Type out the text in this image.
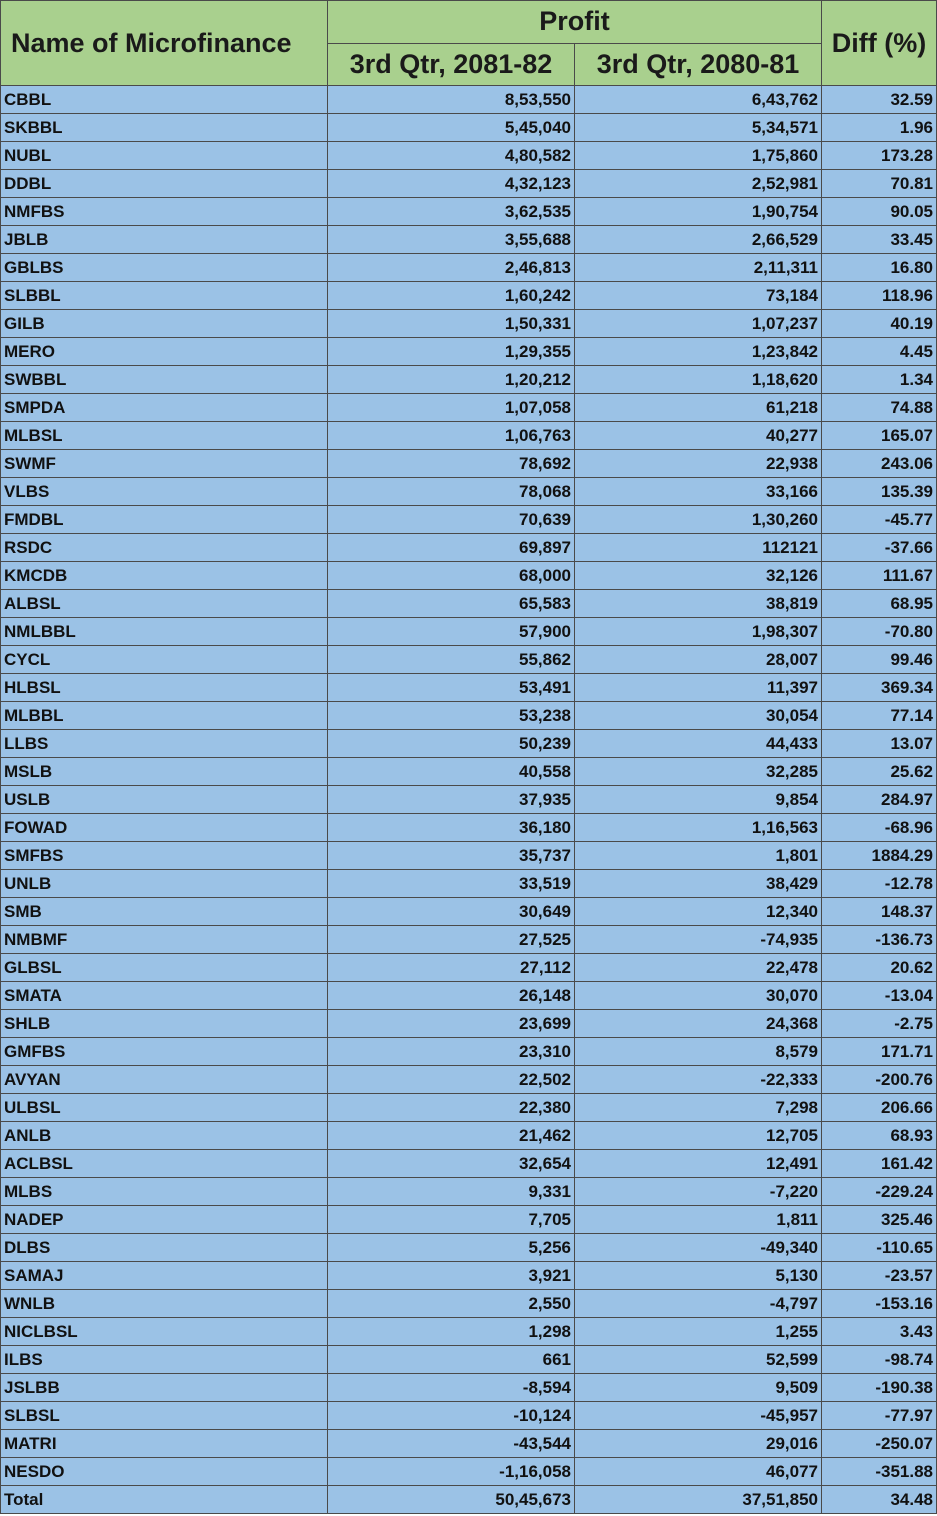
Name of Microfinance	Profit		Diff (%)
	3rd Qtr, 2081-82	3rd Qtr, 2080-81	
CBBL	8,53,550	6,43,762	32.59
SKBBL	5,45,040	5,34,571	1.96
NUBL	4,80,582	1,75,860	173.28
DDBL	4,32,123	2,52,981	70.81
NMFBS	3,62,535	1,90,754	90.05
JBLB	3,55,688	2,66,529	33.45
GBLBS	2,46,813	2,11,311	16.80
SLBBL	1,60,242	73,184	118.96
GILB	1,50,331	1,07,237	40.19
MERO	1,29,355	1,23,842	4.45
SWBBL	1,20,212	1,18,620	1.34
SMPDA	1,07,058	61,218	74.88
MLBSL	1,06,763	40,277	165.07
SWMF	78,692	22,938	243.06
VLBS	78,068	33,166	135.39
FMDBL	70,639	1,30,260	-45.77
RSDC	69,897	112121	-37.66
KMCDB	68,000	32,126	111.67
ALBSL	65,583	38,819	68.95
NMLBBL	57,900	1,98,307	-70.80
CYCL	55,862	28,007	99.46
HLBSL	53,491	11,397	369.34
MLBBL	53,238	30,054	77.14
LLBS	50,239	44,433	13.07
MSLB	40,558	32,285	25.62
USLB	37,935	9,854	284.97
FOWAD	36,180	1,16,563	-68.96
SMFBS	35,737	1,801	1884.29
UNLB	33,519	38,429	-12.78
SMB	30,649	12,340	148.37
NMBMF	27,525	-74,935	-136.73
GLBSL	27,112	22,478	20.62
SMATA	26,148	30,070	-13.04
SHLB	23,699	24,368	-2.75
GMFBS	23,310	8,579	171.71
AVYAN	22,502	-22,333	-200.76
ULBSL	22,380	7,298	206.66
ANLB	21,462	12,705	68.93
ACLBSL	32,654	12,491	161.42
MLBS	9,331	-7,220	-229.24
NADEP	7,705	1,811	325.46
DLBS	5,256	-49,340	-110.65
SAMAJ	3,921	5,130	-23.57
WNLB	2,550	-4,797	-153.16
NICLBSL	1,298	1,255	3.43
ILBS	661	52,599	-98.74
JSLBB	-8,594	9,509	-190.38
SLBSL	-10,124	-45,957	-77.97
MATRI	-43,544	29,016	-250.07
NESDO	-1,16,058	46,077	-351.88
Total	50,45,673	37,51,850	34.48
